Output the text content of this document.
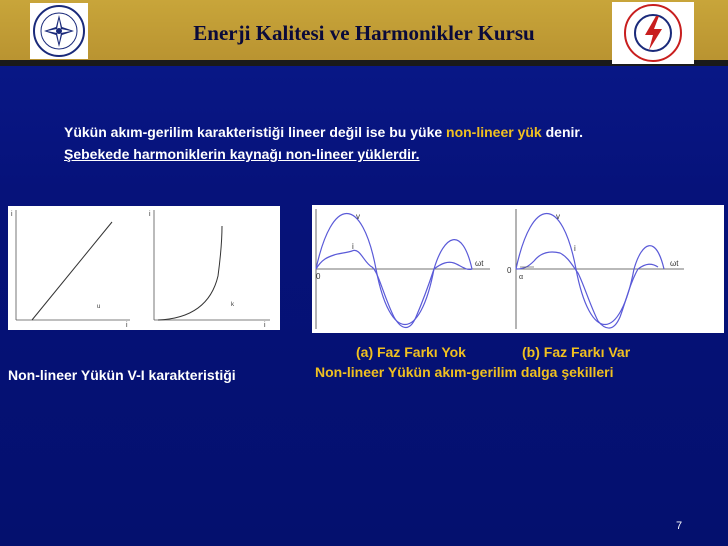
Enerji Kalitesi ve Harmonikler Kursu
Yükün akım-gerilim karakteristiği lineer değil ise bu yüke non-lineer yük denir.
Şebekede harmoniklerin kaynağı non-lineer yüklerdir.
i
i
u
i
i
k
Non-lineer Yükün V-I karakteristiği
v
i
0
ωt
v
i
0
α
ωt
(a) Faz Farkı Yok	(b) Faz Farkı Var
Non-lineer Yükün akım-gerilim dalga şekilleri
7
